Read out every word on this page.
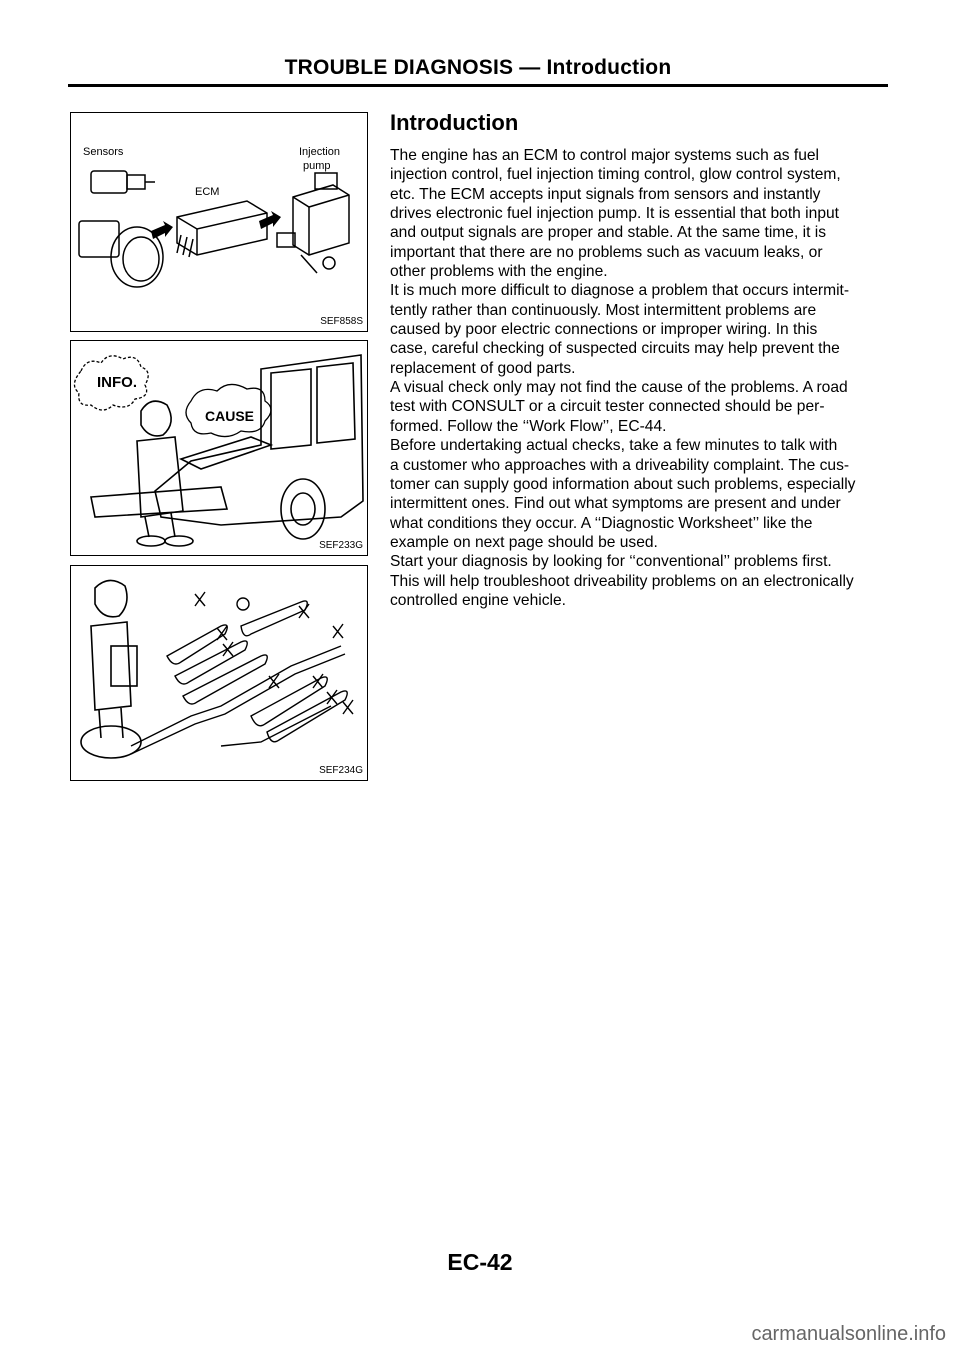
TROUBLE DIAGNOSIS — Introduction
Sensors
ECM
Injection
pump
SEF858S
INFO.
CAUSE
SEF233G
SEF234G
Introduction
The engine has an ECM to control major systems such as fuel
injection control, fuel injection timing control, glow control system,
etc. The ECM accepts input signals from sensors and instantly
drives electronic fuel injection pump. It is essential that both input
and output signals are proper and stable. At the same time, it is
important that there are no problems such as vacuum leaks, or
other problems with the engine.
It is much more difficult to diagnose a problem that occurs intermit-
tently rather than continuously. Most intermittent problems are
caused by poor electric connections or improper wiring. In this
case, careful checking of suspected circuits may help prevent the
replacement of good parts.
A visual check only may not find the cause of the problems. A road
test with CONSULT or a circuit tester connected should be per-
formed. Follow the ‘‘Work Flow’’, EC-44.
Before undertaking actual checks, take a few minutes to talk with
a customer who approaches with a driveability complaint. The cus-
tomer can supply good information about such problems, especially
intermittent ones. Find out what symptoms are present and under
what conditions they occur. A ‘‘Diagnostic Worksheet’’ like the
example on next page should be used.
Start your diagnosis by looking for ‘‘conventional’’ problems first.
This will help troubleshoot driveability problems on an electronically
controlled engine vehicle.
EC-42
carmanualsonline.info
